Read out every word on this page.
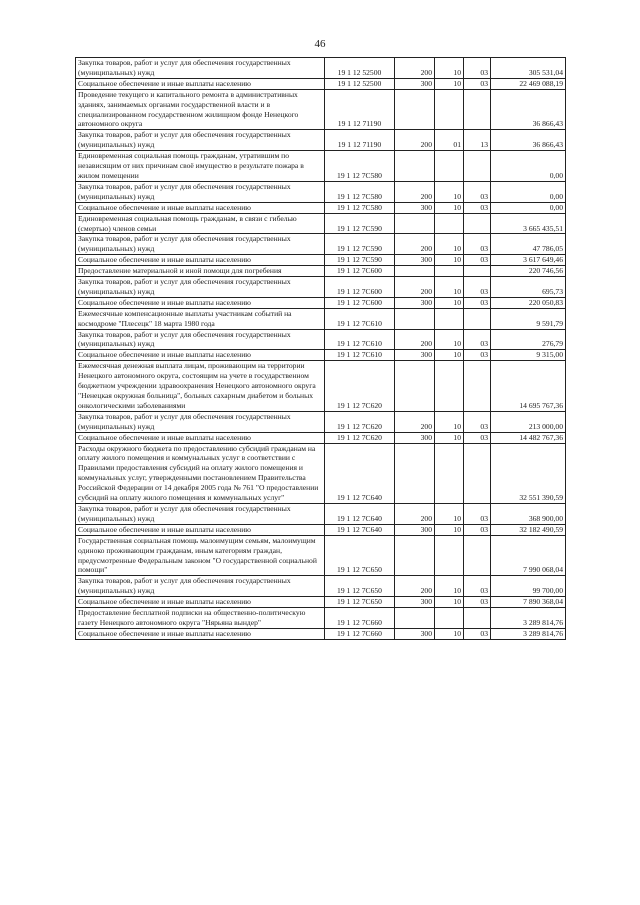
46
Закупка товаров, работ и услуг для обеспечения государственных (муниципальных) нужд	19 1 12 52500	200	10	03	305 531,04
Социальное обеспечение и иные выплаты населению	19 1 12 52500	300	10	03	22 469 088,19
Проведение текущего и капитального ремонта в административных зданиях, занимаемых органами государственной власти и в специализированном государственном жилищном фонде Ненецкого автономного округа	19 1 12 71190				36 866,43
Закупка товаров, работ и услуг для обеспечения государственных (муниципальных) нужд	19 1 12 71190	200	01	13	36 866,43
Единовременная социальная помощь гражданам, утратившим по независящим от них причинам своё имущество в результате пожара в жилом помещении	19 1 12 7С580				0,00
Закупка товаров, работ и услуг для обеспечения государственных (муниципальных) нужд	19 1 12 7С580	200	10	03	0,00
Социальное обеспечение и иные выплаты населению	19 1 12 7С580	300	10	03	0,00
Единовременная социальная помощь гражданам, в связи с гибелью (смертью) членов семьи	19 1 12 7С590				3 665 435,51
Закупка товаров, работ и услуг для обеспечения государственных (муниципальных) нужд	19 1 12 7С590	200	10	03	47 786,05
Социальное обеспечение и иные выплаты населению	19 1 12 7С590	300	10	03	3 617 649,46
Предоставление материальной и иной помощи для погребения	19 1 12 7С600				220 746,56
Закупка товаров, работ и услуг для обеспечения государственных (муниципальных) нужд	19 1 12 7С600	200	10	03	695,73
Социальное обеспечение и иные выплаты населению	19 1 12 7С600	300	10	03	220 050,83
Ежемесячные компенсационные выплаты участникам событий на космодроме "Плесецк" 18 марта 1980 года	19 1 12 7С610				9 591,79
Закупка товаров, работ и услуг для обеспечения государственных (муниципальных) нужд	19 1 12 7С610	200	10	03	276,79
Социальное обеспечение и иные выплаты населению	19 1 12 7С610	300	10	03	9 315,00
Ежемесячная денежная выплата лицам, проживающим на территории Ненецкого автономного округа, состоящим на учете в государственном бюджетном учреждении здравоохранения Ненецкого автономного округа "Ненецкая окружная больница", больных сахарным диабетом и больных онкологическими заболеваниями	19 1 12 7С620				14 695 767,36
Закупка товаров, работ и услуг для обеспечения государственных (муниципальных) нужд	19 1 12 7С620	200	10	03	213 000,00
Социальное обеспечение и иные выплаты населению	19 1 12 7С620	300	10	03	14 482 767,36
Расходы окружного бюджета по предоставлению субсидий гражданам на оплату жилого помещения и коммунальных услуг в соответствии с Правилами предоставления субсидий на оплату жилого помещения и коммунальных услуг, утвержденными постановлением Правительства Российской Федерации от 14 декабря 2005 года № 761 "О предоставлении субсидий на оплату жилого помещения и коммунальных услуг"	19 1 12 7С640				32 551 390,59
Закупка товаров, работ и услуг для обеспечения государственных (муниципальных) нужд	19 1 12 7С640	200	10	03	368 900,00
Социальное обеспечение и иные выплаты населению	19 1 12 7С640	300	10	03	32 182 490,59
Государственная социальная помощь малоимущим семьям, малоимущим одиноко проживающим гражданам, иным категориям граждан, предусмотренные Федеральным законом "О государственной социальной помощи"	19 1 12 7С650				7 990 068,04
Закупка товаров, работ и услуг для обеспечения государственных (муниципальных) нужд	19 1 12 7С650	200	10	03	99 700,00
Социальное обеспечение и иные выплаты населению	19 1 12 7С650	300	10	03	7 890 368,04
Предоставление бесплатной подписки на общественно-политическую газету Ненецкого автономного округа "Нярьяна вындер"	19 1 12 7С660				3 289 814,76
Социальное обеспечение и иные выплаты населению	19 1 12 7С660	300	10	03	3 289 814,76
